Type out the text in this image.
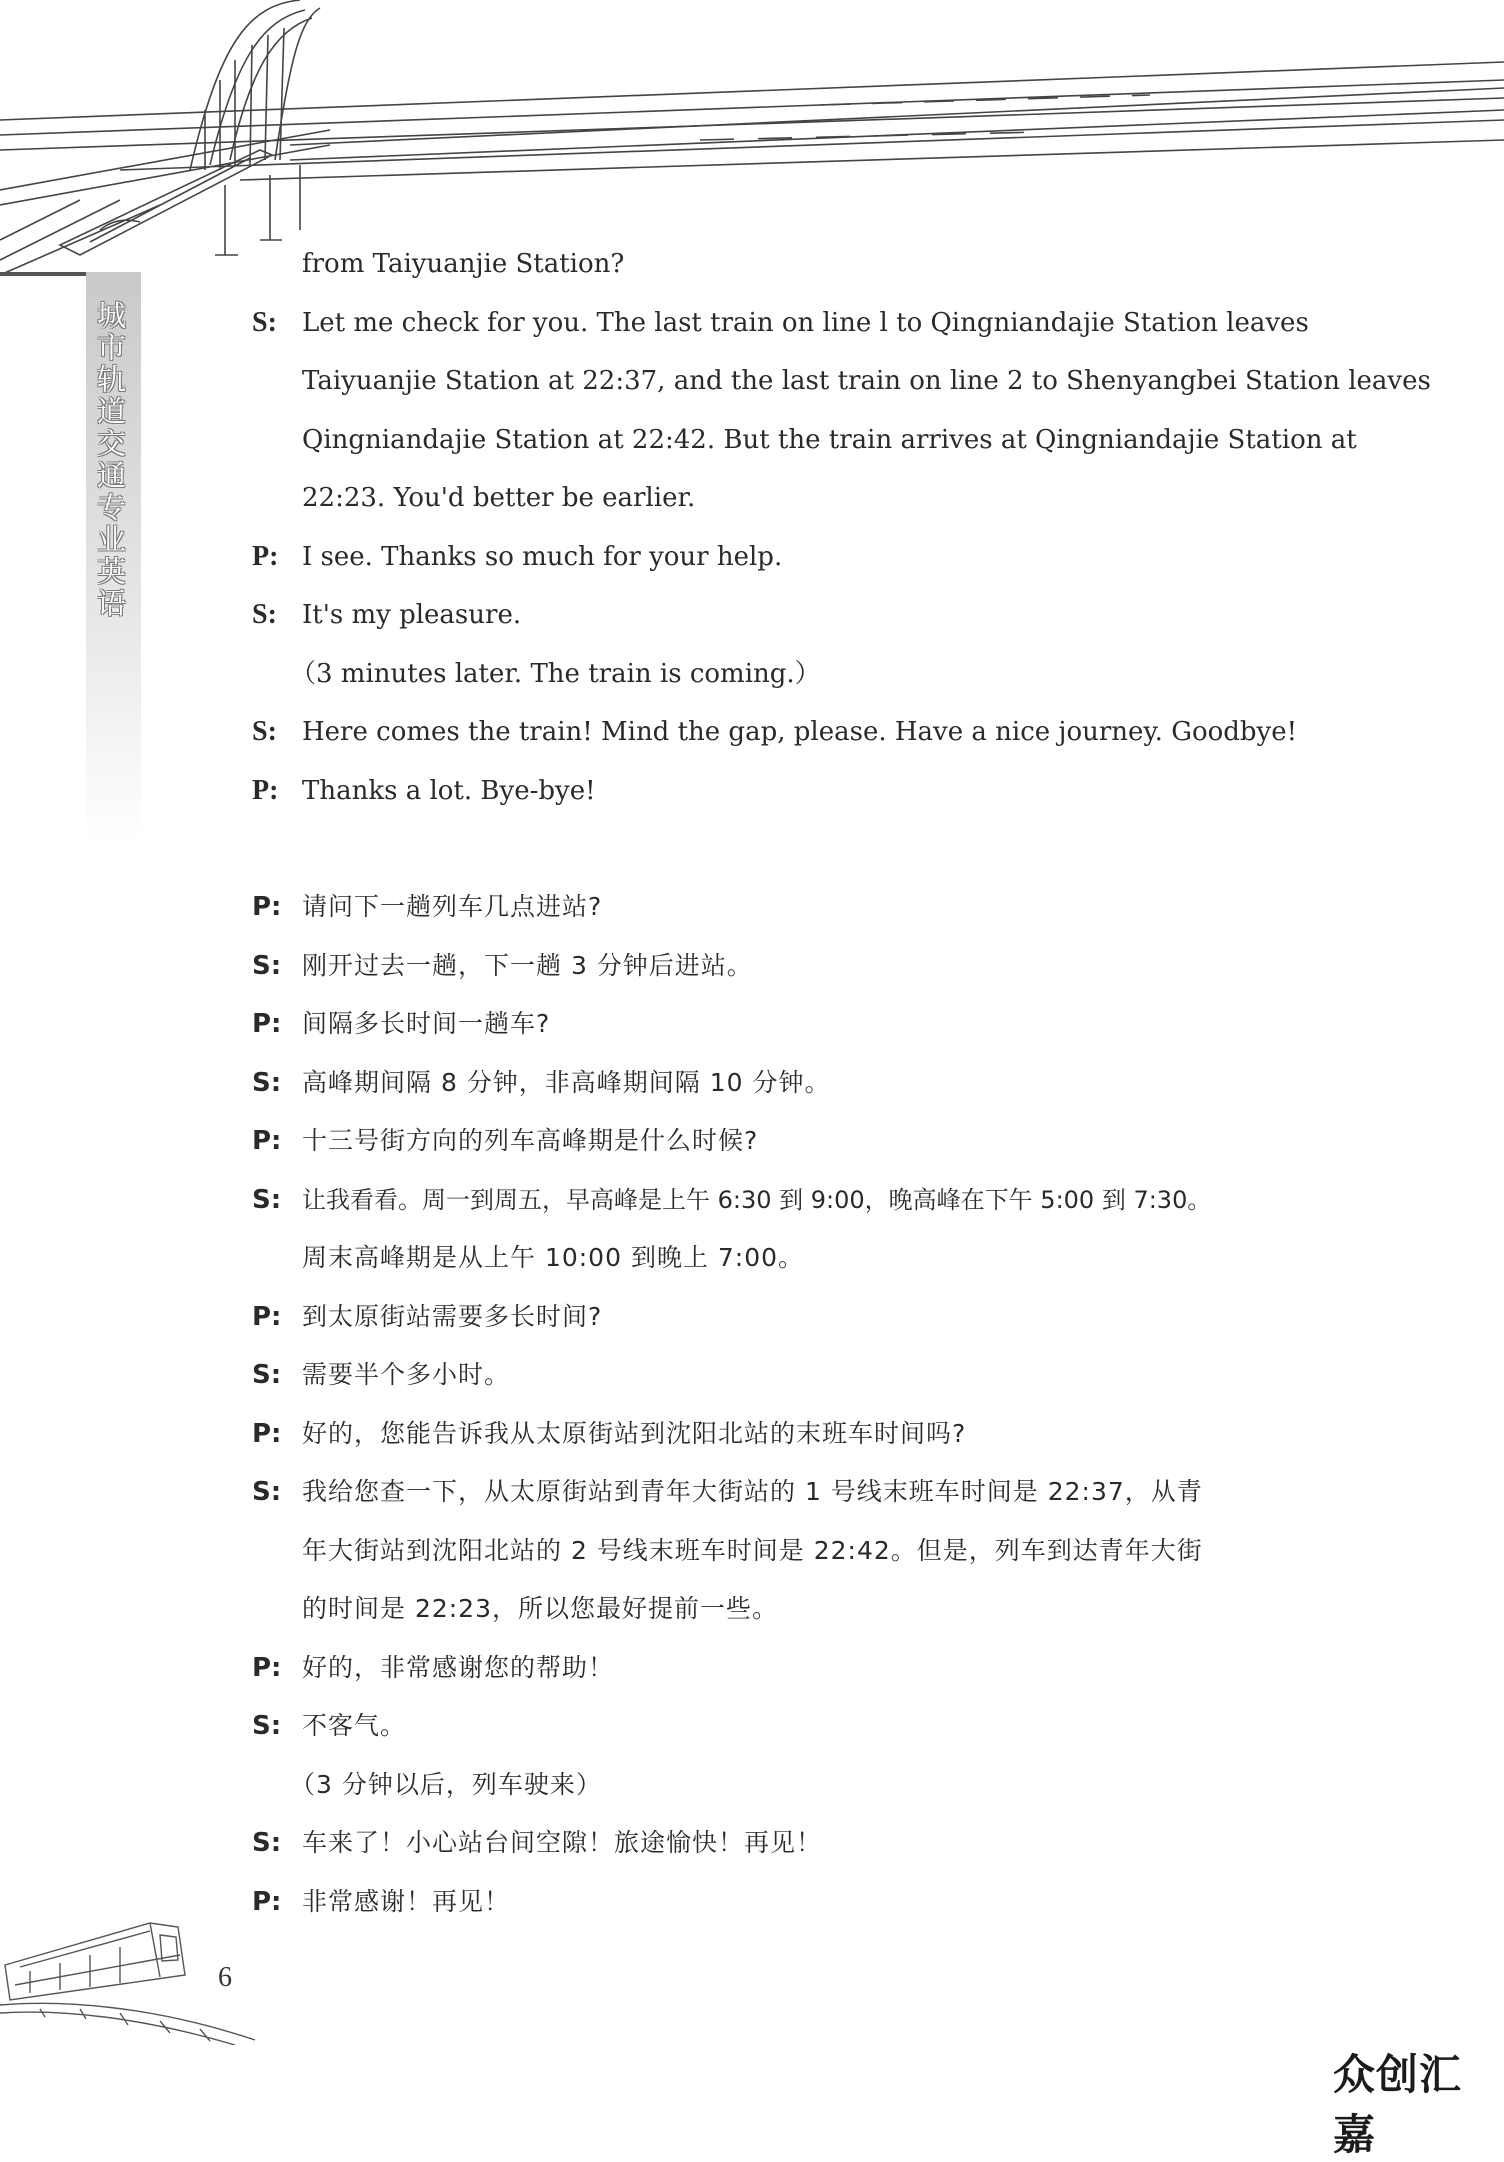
城市轨道交通专业英语
from Taiyuanjie Station?
S: Let me check for you. The last train on line l to Qingniandajie Station leaves
Taiyuanjie Station at 22:37, and the last train on line 2 to Shenyangbei Station leaves
Qingniandajie Station at 22:42. But the train arrives at Qingniandajie Station at
22:23. You'd better be earlier.
P: I see. Thanks so much for your help.
S: It's my pleasure.
（3 minutes later. The train is coming.）
S: Here comes the train! Mind the gap, please. Have a nice journey. Goodbye!
P: Thanks a lot. Bye-bye!
P: 请问下一趟列车几点进站?
S: 刚开过去一趟，下一趟 3 分钟后进站。
P: 间隔多长时间一趟车?
S: 高峰期间隔 8 分钟，非高峰期间隔 10 分钟。
P: 十三号街方向的列车高峰期是什么时候?
S: 让我看看。周一到周五，早高峰是上午 6:30 到 9:00，晚高峰在下午 5:00 到 7:30。
周末高峰期是从上午 10:00 到晚上 7:00。
P: 到太原街站需要多长时间?
S: 需要半个多小时。
P: 好的，您能告诉我从太原街站到沈阳北站的末班车时间吗?
S: 我给您查一下，从太原街站到青年大街站的 1 号线末班车时间是 22:37，从青
年大街站到沈阳北站的 2 号线末班车时间是 22:42。但是，列车到达青年大街
的时间是 22:23，所以您最好提前一些。
P: 好的，非常感谢您的帮助！
S: 不客气。
（3 分钟以后，列车驶来）
S: 车来了！小心站台间空隙！旅途愉快！再见！
P: 非常感谢！再见！
6
众创汇嘉
